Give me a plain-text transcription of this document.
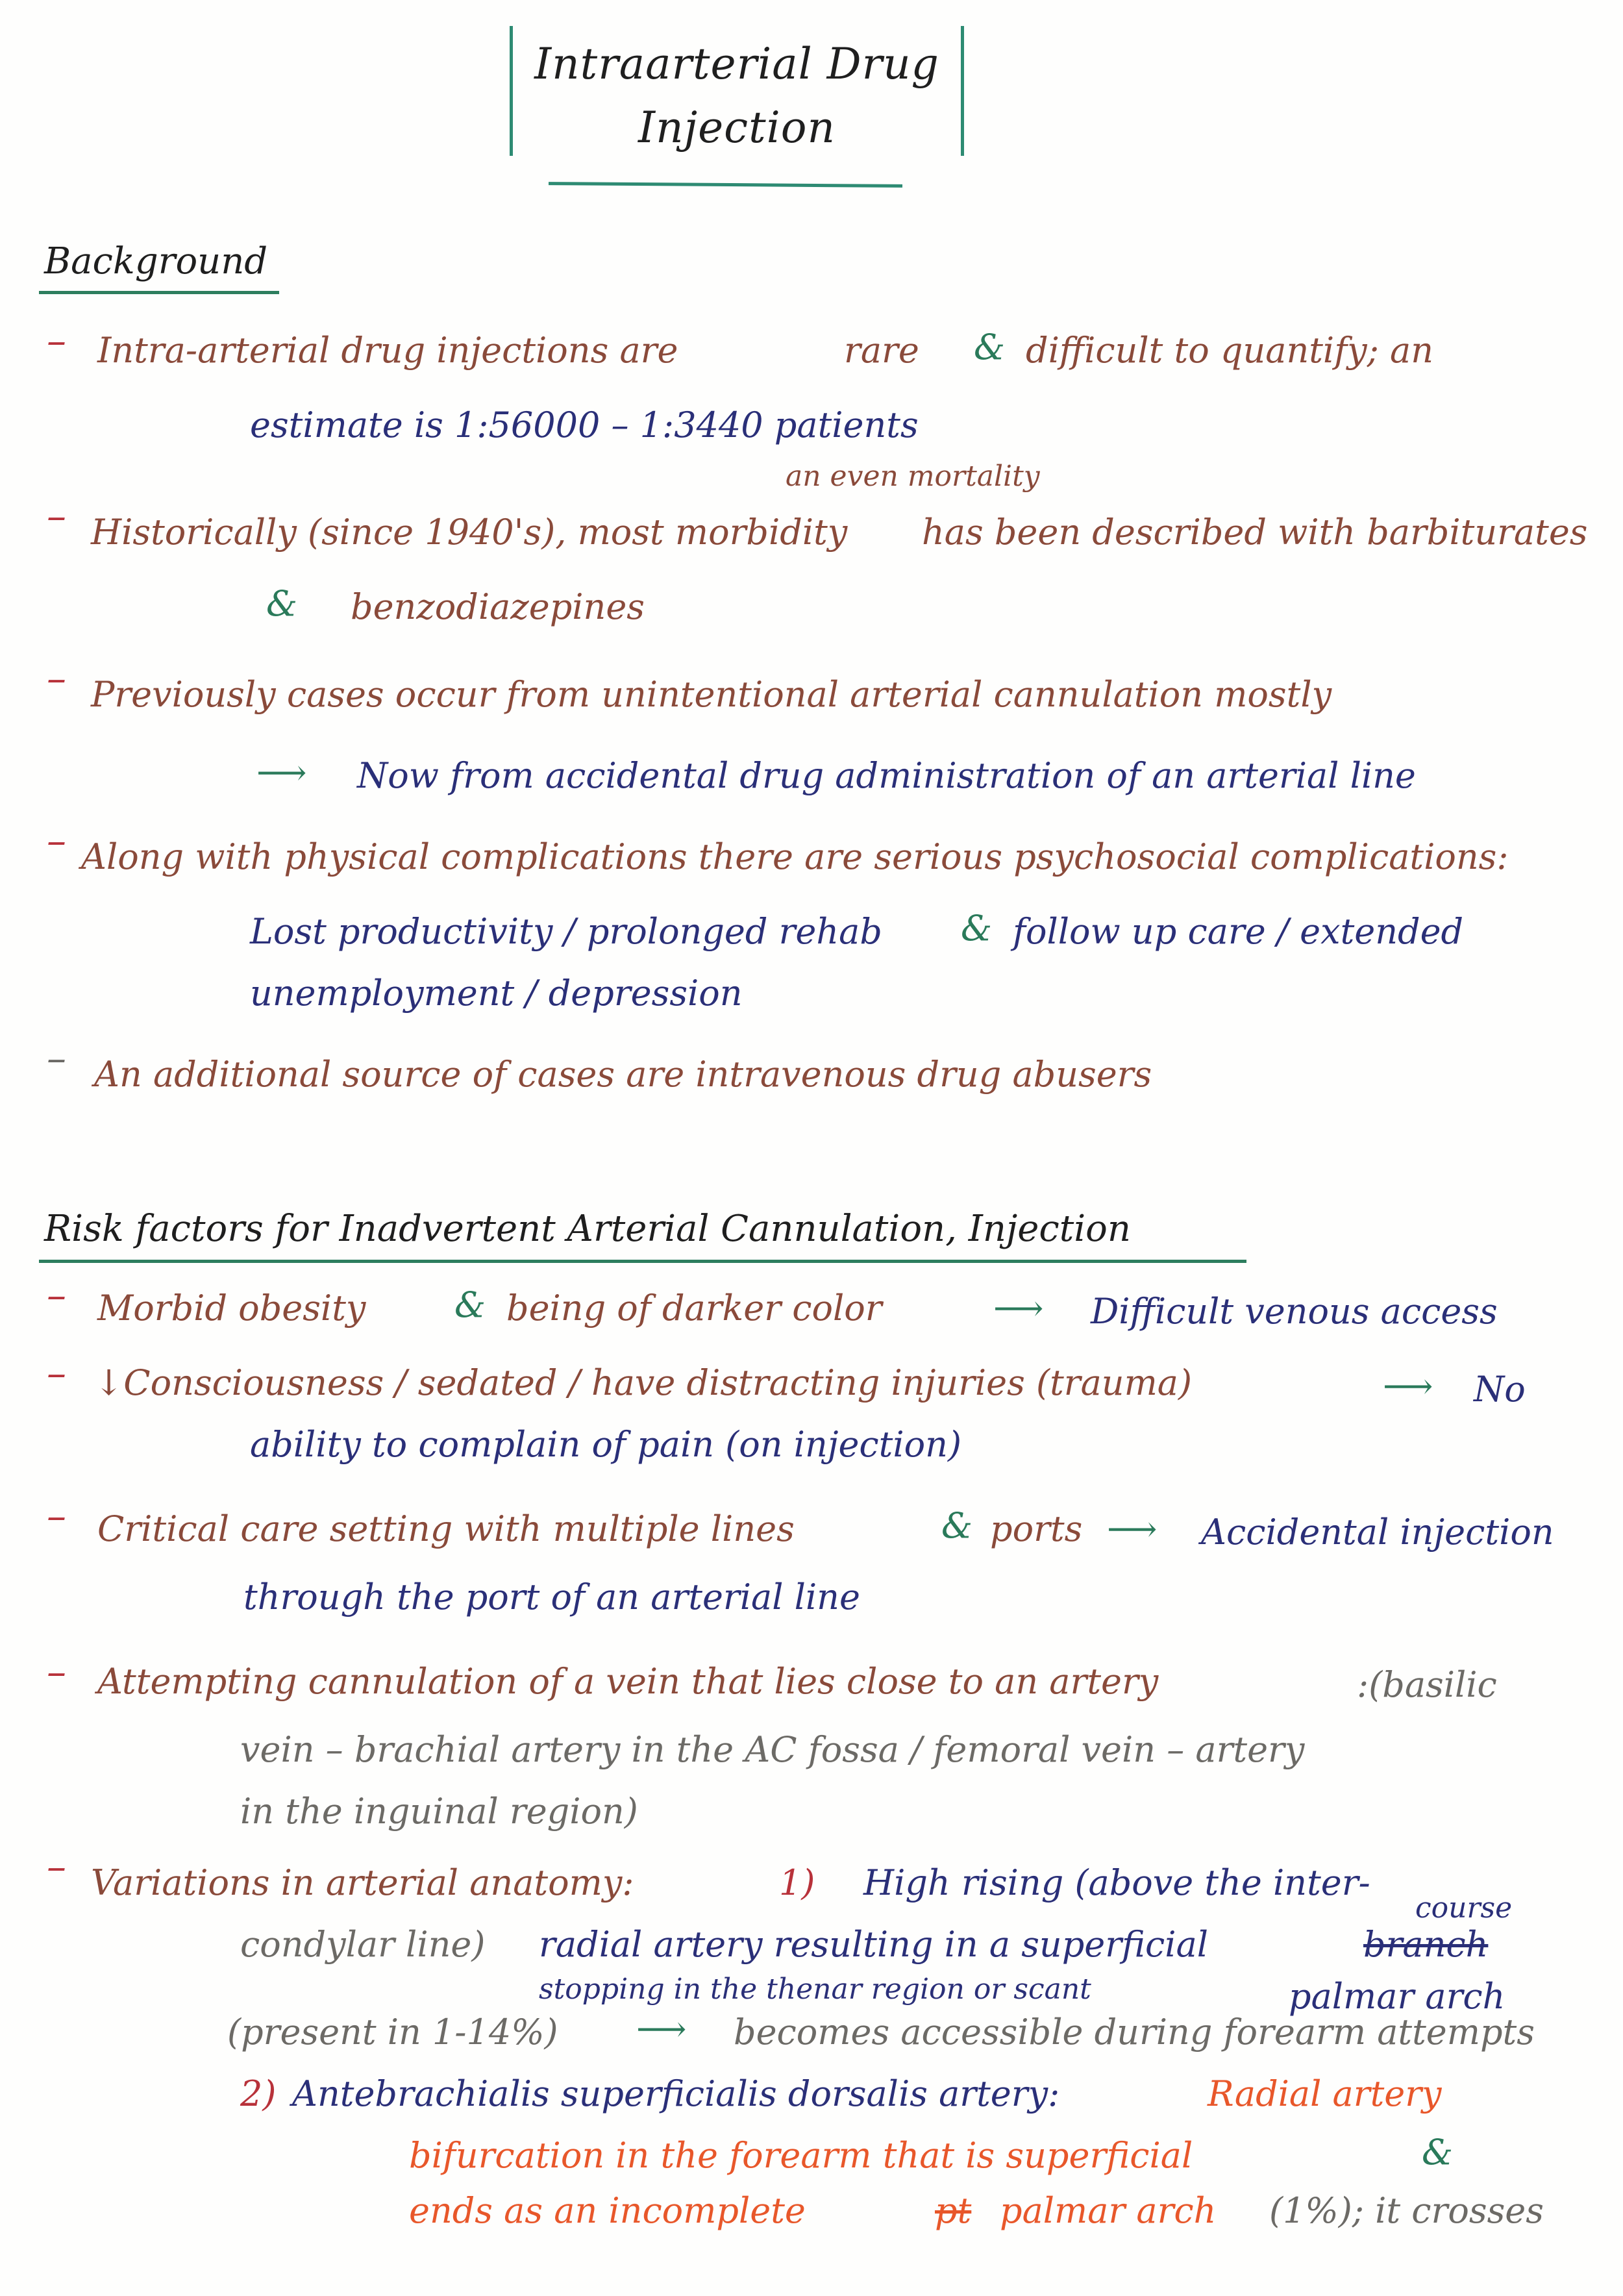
Intraarterial Drug
Injection
Background
– Intra-arterial drug injections are	rare & difficult to quantify; an
estimate is 1:56000 – 1:3440 patients
an even mortality
– Historically (since 1940's), most morbidity has been described with barbiturates
& benzodiazepines
– Previously cases occur from unintentional arterial cannulation mostly
⟶ Now from accidental drug administration of an arterial line
– Along with physical complications there are serious psychosocial complications:
Lost productivity / prolonged rehab & follow up care / extended
unemployment / depression
– An additional source of cases are intravenous drug abusers
Risk factors for Inadvertent Arterial Cannulation, Injection
– Morbid obesity	& being of darker color	⟶ Difficult venous access
– ↓Consciousness / sedated / have distracting injuries (trauma)	⟶ No
ability to complain of pain (on injection)
– Critical care setting with multiple lines	& ports ⟶ Accidental injection
through the port of an arterial line
– Attempting cannulation of a vein that lies close to an artery	:(basilic
vein – brachial artery in the AC fossa / femoral vein – artery
in the inguinal region)
– Variations in arterial anatomy:	1) High rising (above the inter-
condylar line) radial artery resulting in a superficial	branch
course
stopping in the thenar region or scant	palmar arch
(present in 1-14%) ⟶ becomes accessible during forearm attempts
2) Antebrachialis superficialis dorsalis artery:	Radial artery
bifurcation in the forearm that is superficial	&
ends as an incomplete	pt palmar arch (1%); it crosses
